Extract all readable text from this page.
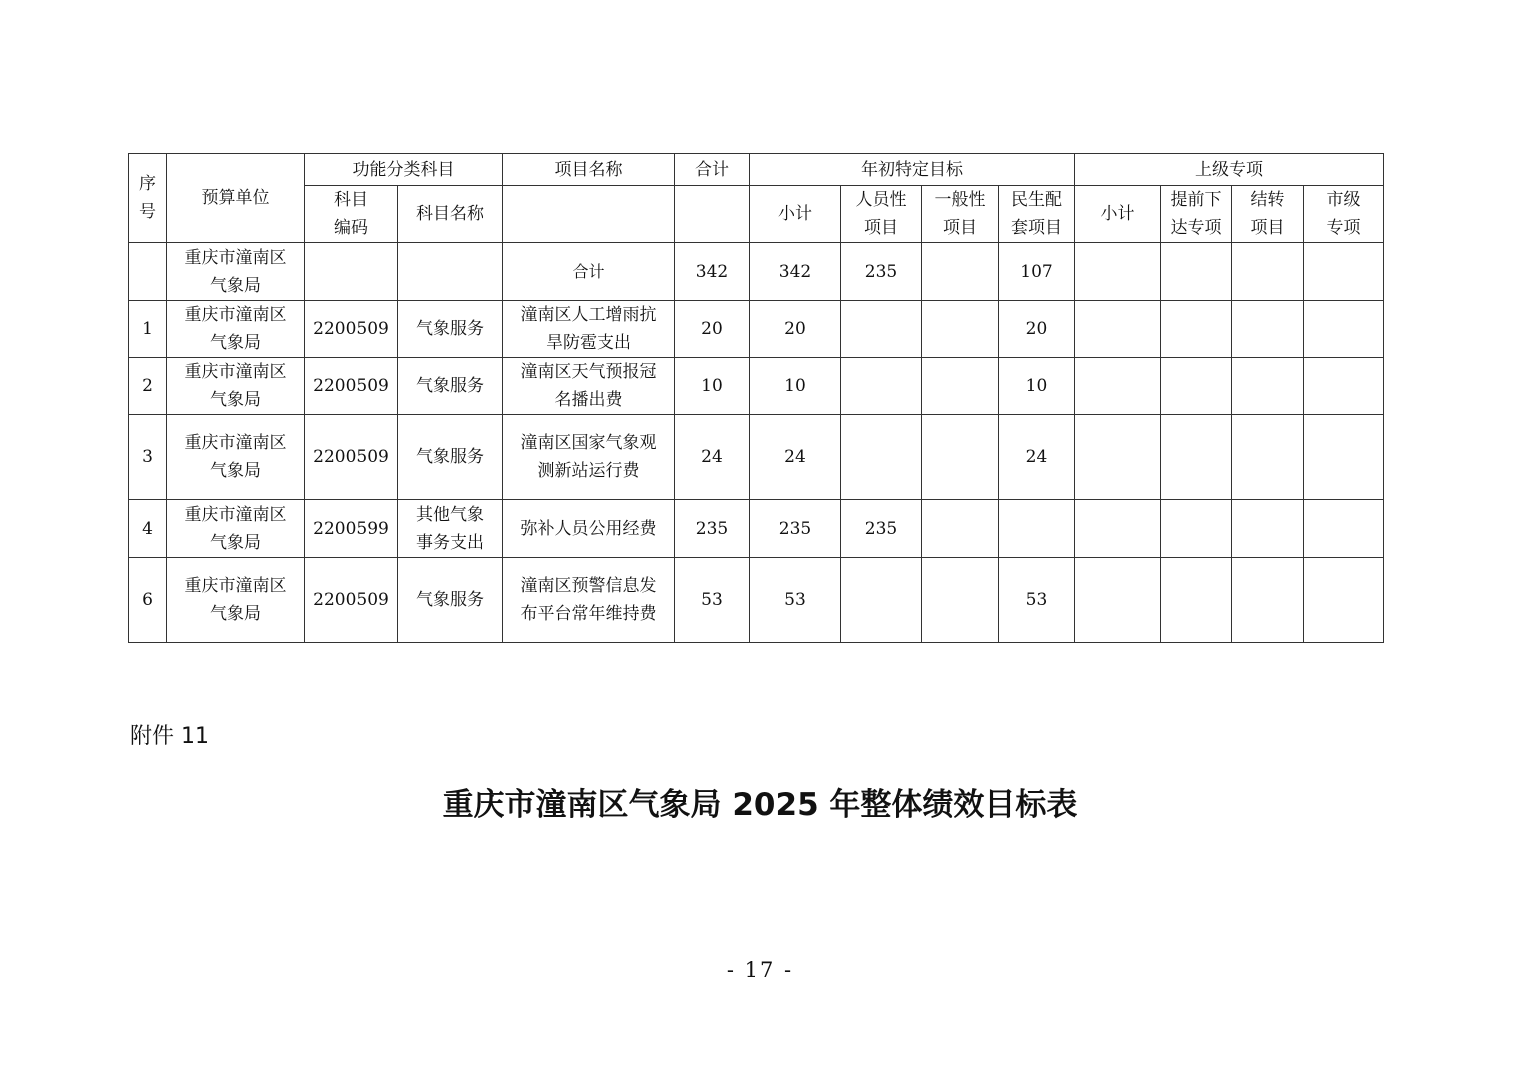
序号	预算单位	功能分类科目		项目名称	合计	年初特定目标				上级专项			
		科目编码	科目名称			小计	人员性项目	一般性项目	民生配套项目	小计	提前下达专项	结转项目	市级专项
	重庆市潼南区气象局			合计	342	342	235		107				
1	重庆市潼南区气象局	2200509	气象服务	潼南区人工增雨抗旱防雹支出	20	20			20				
2	重庆市潼南区气象局	2200509	气象服务	潼南区天气预报冠名播出费	10	10			10				
3	重庆市潼南区气象局	2200509	气象服务	潼南区国家气象观测新站运行费	24	24			24				
4	重庆市潼南区气象局	2200599	其他气象事务支出	弥补人员公用经费	235	235	235						
6	重庆市潼南区气象局	2200509	气象服务	潼南区预警信息发布平台常年维持费	53	53			53				
附件 11
重庆市潼南区气象局 2025 年整体绩效目标表
- 17 -
